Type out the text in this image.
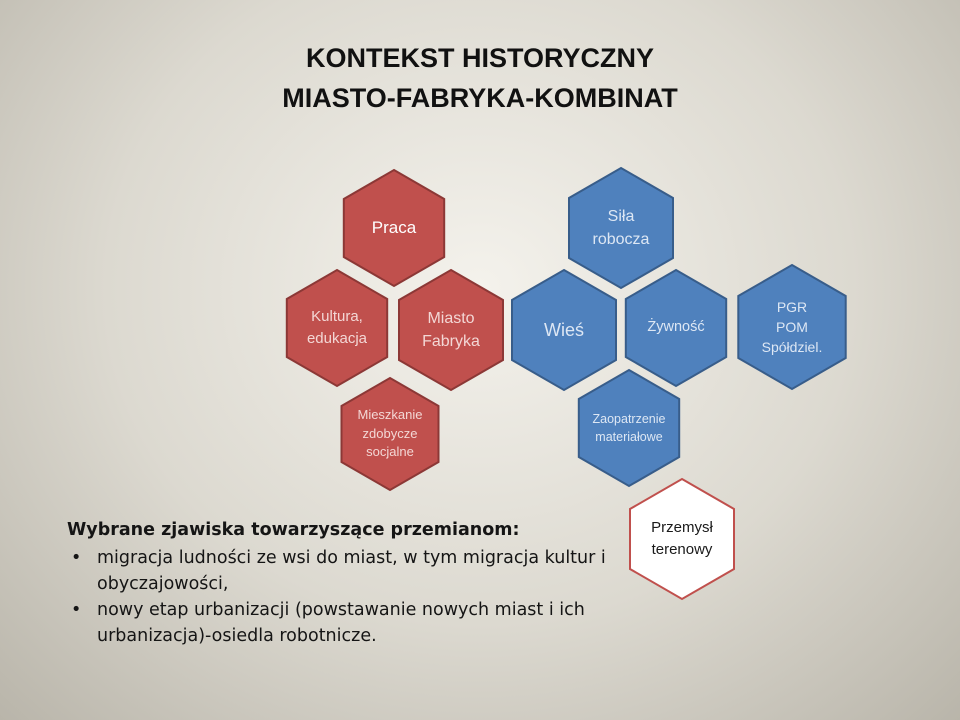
KONTEKST HISTORYCZNY
MIASTO-FABRYKA-KOMBINAT
Praca
Siła
robocza
Kultura,
edukacja
Miasto
Fabryka
Wieś	Żywność
PGR
POM
Spółdziel.
Mieszkanie
zdobycze
socjalne
Zaopatrzenie
materiałowe
Przemysł
terenowy
Wybrane zjawiska towarzyszące przemianom:
• migracja ludności ze wsi do miast, w tym migracja kultur i obyczajowości,
• nowy etap urbanizacji (powstawanie nowych miast i ich urbanizacja)-osiedla robotnicze.
